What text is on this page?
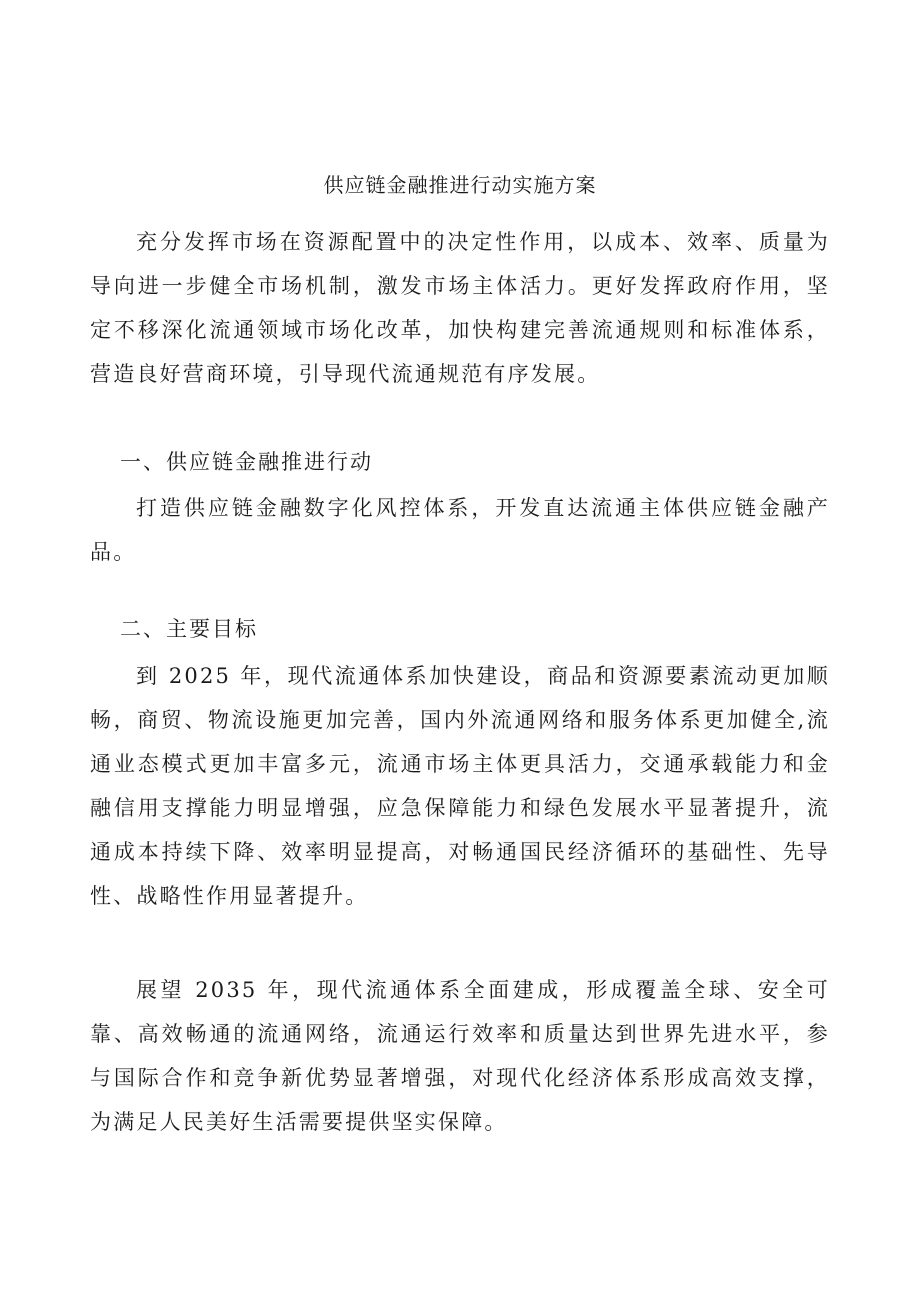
供应链金融推进行动实施方案

充分发挥市场在资源配置中的决定性作用，以成本、效率、质量为导向进一步健全市场机制，激发市场主体活力。更好发挥政府作用，坚定不移深化流通领域市场化改革，加快构建完善流通规则和标准体系，营造良好营商环境，引导现代流通规范有序发展。

一、供应链金融推进行动

打造供应链金融数字化风控体系，开发直达流通主体供应链金融产品。

二、主要目标

到 2025 年，现代流通体系加快建设，商品和资源要素流动更加顺畅，商贸、物流设施更加完善，国内外流通网络和服务体系更加健全,流通业态模式更加丰富多元，流通市场主体更具活力，交通承载能力和金融信用支撑能力明显增强，应急保障能力和绿色发展水平显著提升，流通成本持续下降、效率明显提高，对畅通国民经济循环的基础性、先导性、战略性作用显著提升。

展望 2035 年，现代流通体系全面建成，形成覆盖全球、安全可靠、高效畅通的流通网络，流通运行效率和质量达到世界先进水平，参与国际合作和竞争新优势显著增强，对现代化经济体系形成高效支撑，为满足人民美好生活需要提供坚实保障。
